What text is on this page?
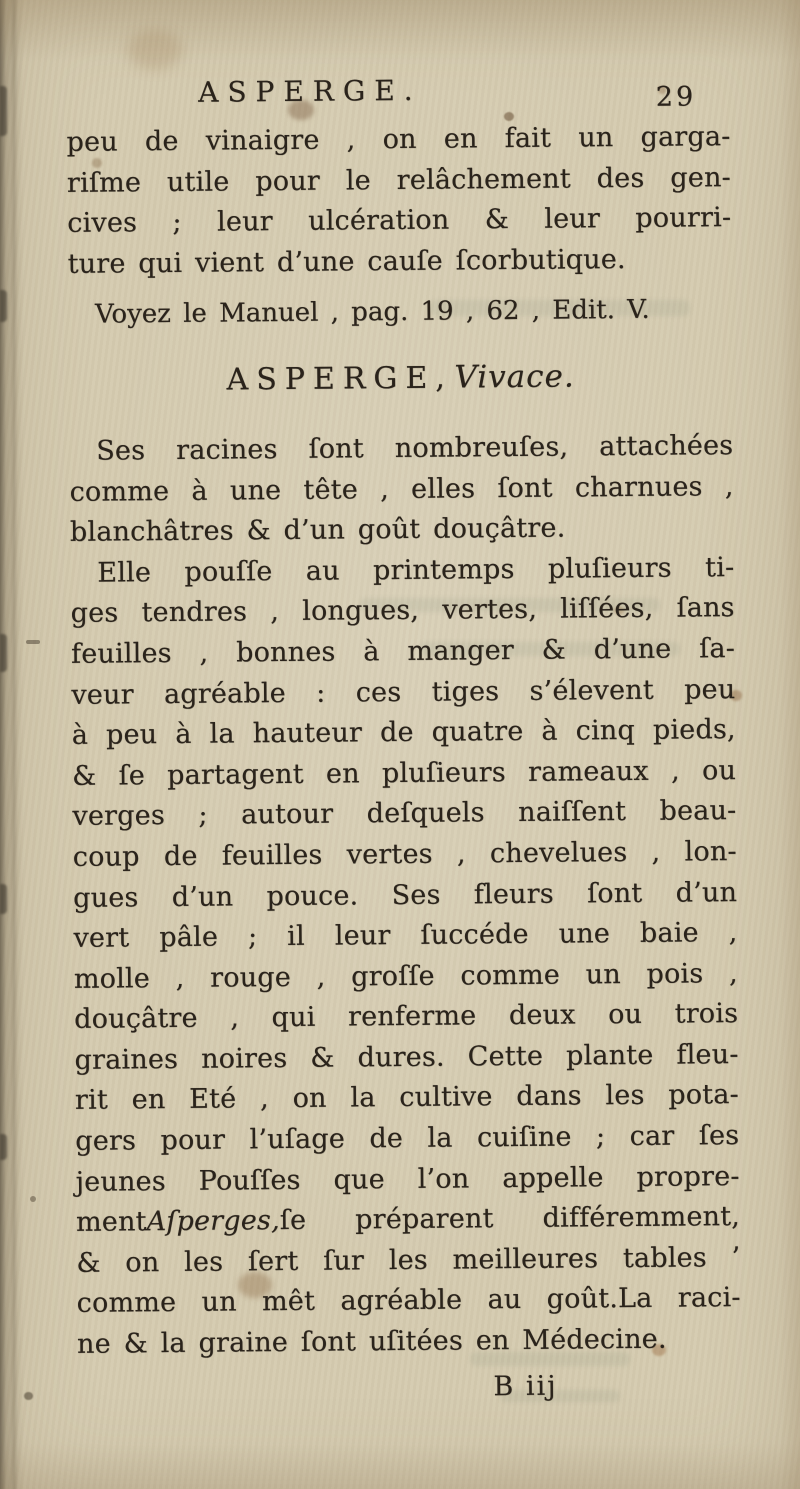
ASPERGE.	29
peu de vinaigre , on en fait un garga-
riſme utile pour le relâchement des gen-
cives ; leur ulcération & leur pourri-
ture qui vient d’une cauſe ſcorbutique.
Voyez le Manuel , pag. 19 , 62 , Edit. V.
ASPERGE, Vivace.
Ses racines ſont nombreuſes, attachées
comme à une tête , elles ſont charnues ,
blanchâtres & d’un goût douçâtre.
Elle pouſſe au printemps pluſieurs ti-
ges tendres , longues, vertes, liſſées, ſans
feuilles , bonnes à manger & d’une ſa-
veur agréable : ces tiges s’élevent peu
à peu à la hauteur de quatre à cinq pieds,
& ſe partagent en pluſieurs rameaux , ou
verges ; autour deſquels naiſſent beau-
coup de feuilles vertes , chevelues , lon-
gues d’un pouce. Ses fleurs ſont d’un
vert pâle ; il leur ſuccéde une baie ,
molle , rouge , groſſe comme un pois ,
douçâtre , qui renferme deux ou trois
graines noires & dures. Cette plante fleu-
rit en Eté , on la cultive dans les pota-
gers pour l’uſage de la cuiſine ; car ſes
jeunes Pouſſes que l’on appelle propre-
mentAſperges,ſe préparent différemment,
& on les ſert ſur les meilleures tables ’
comme un mêt agréable au goût.La raci-
ne & la graine ſont uſitées en Médecine.
B iij
